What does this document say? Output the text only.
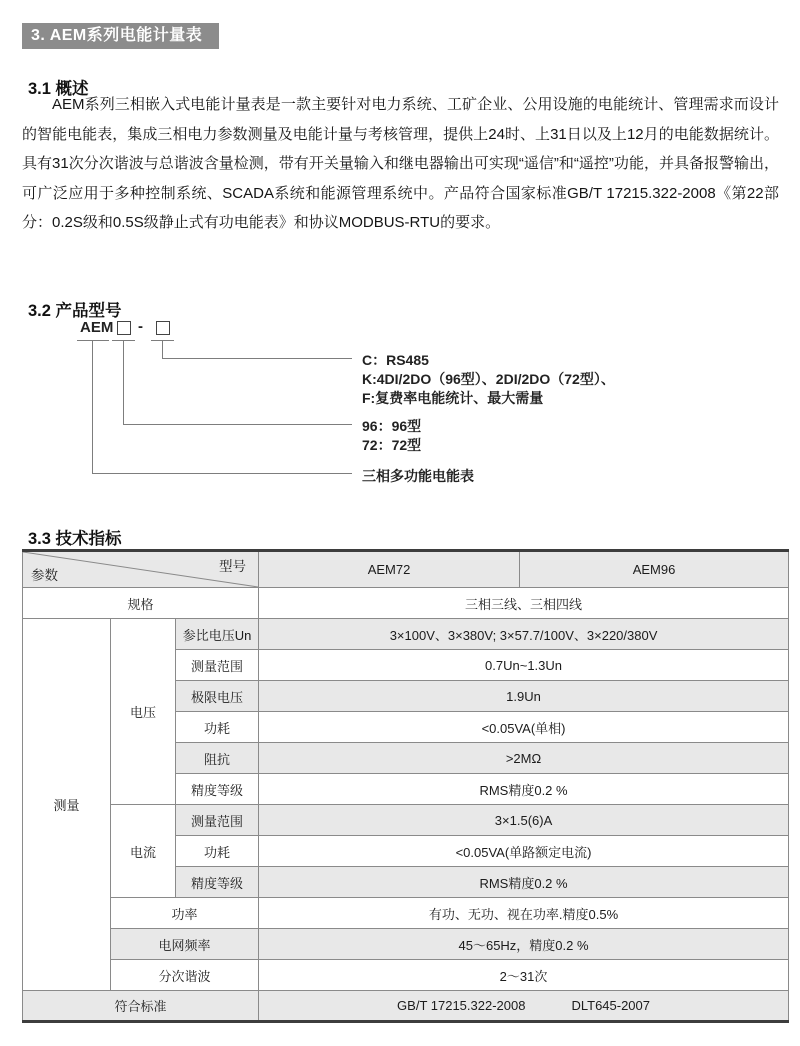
3. AEM系列电能计量表
3.1 概述

AEM系列三相嵌入式电能计量表是一款主要针对电力系统、工矿企业、公用设施的电能统计、管理需求而设计的智能电能表，集成三相电力参数测量及电能计量与考核管理，提供上24时、上31日以及上12月的电能数据统计。具有31次分次谐波与总谐波含量检测，带有开关量输入和继电器输出可实现“遥信”和“遥控”功能，并具备报警输出，可广泛应用于多种控制系统、SCADA系统和能源管理系统中。产品符合国家标准GB/T 17215.322-2008《第22部分：0.2S级和0.5S级静止式有功电能表》和协议MODBUS-RTU的要求。

3.2 产品型号
AEM -
C：RS485
K:4DI/2DO（96型）、2DI/2DO（72型）、
F:复费率电能统计、最大需量
96：96型
72：72型
三相多功能电能表
3.3 技术指标
型号
参数			AEM72	AEM96
规格			三相三线、三相四线	
测量	电压	参比电压Un	3×100V、3×380V; 3×57.7/100V、3×220/380V	
		测量范围	0.7Un~1.3Un	
		极限电压	1.9Un	
		功耗	<0.05VA(单相)	
		阻抗	>2MΩ	
		精度等级	RMS精度0.2 %	
	电流	测量范围	3×1.5(6)A	
		功耗	<0.05VA(单路额定电流)	
		精度等级	RMS精度0.2 %	
	功率		有功、无功、视在功率.精度0.5%	
	电网频率		45～65Hz，精度0.2 %	
	分次谐波		2～31次	
符合标准			GB/T 17215.322-2008 DLT645-2007	
